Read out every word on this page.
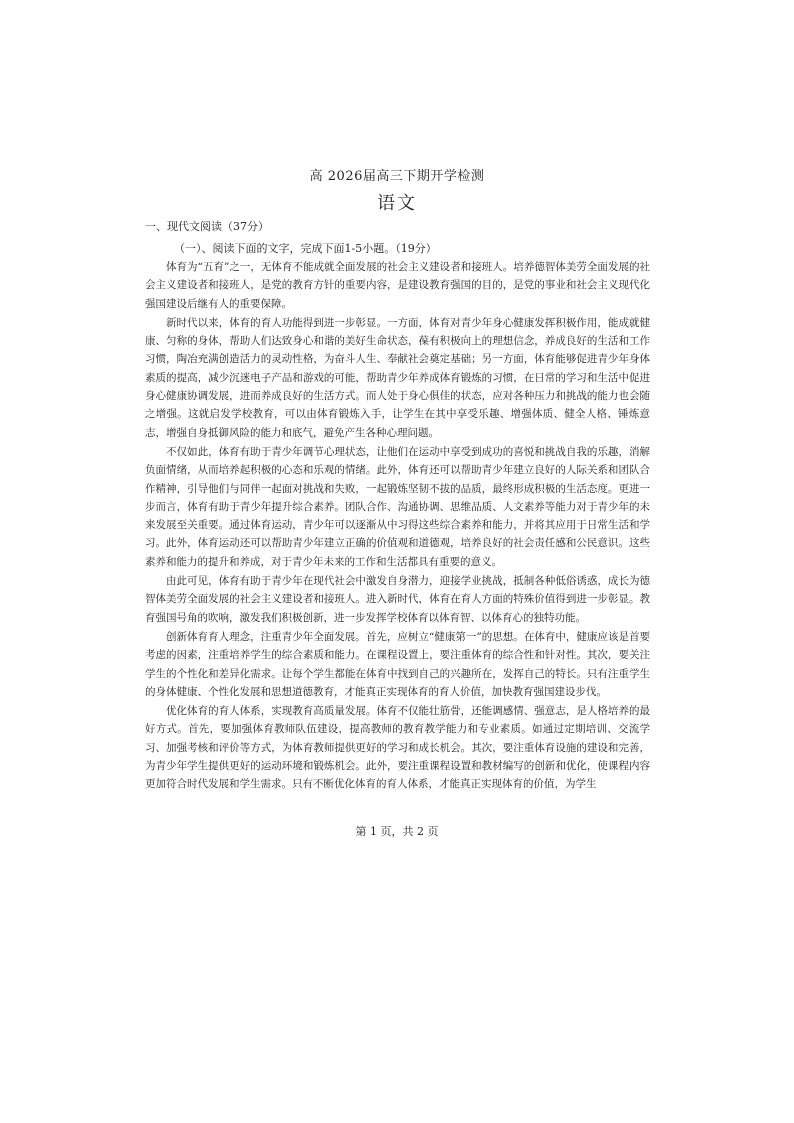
高 2026届高三下期开学检测
语文
一、现代文阅读（37分）
（一）、阅读下面的文字，完成下面1-5小题。（19分）

体育为“五育”之一，无体育不能成就全面发展的社会主义建设者和接班人。培养德智体美劳全面发展的社会主义建设者和接班人，是党的教育方针的重要内容，是建设教育强国的目的，是党的事业和社会主义现代化强国建设后继有人的重要保障。

新时代以来，体育的育人功能得到进一步彰显。一方面，体育对青少年身心健康发挥积极作用，能成就健康、匀称的身体，帮助人们达致身心和谐的美好生命状态，葆有积极向上的理想信念，养成良好的生活和工作习惯，陶冶充满创造活力的灵动性格，为奋斗人生、奉献社会奠定基础；另一方面，体育能够促进青少年身体素质的提高，减少沉迷电子产品和游戏的可能，帮助青少年养成体育锻炼的习惯，在日常的学习和生活中促进身心健康协调发展，进而养成良好的生活方式。而人处于身心俱佳的状态，应对各种压力和挑战的能力也会随之增强。这就启发学校教育，可以由体育锻炼入手，让学生在其中享受乐趣、增强体质、健全人格、锤炼意志，增强自身抵御风险的能力和底气，避免产生各种心理问题。

不仅如此，体育有助于青少年调节心理状态，让他们在运动中享受到成功的喜悦和挑战自我的乐趣，消解负面情绪，从而培养起积极的心态和乐观的情绪。此外，体育还可以帮助青少年建立良好的人际关系和团队合作精神，引导他们与同伴一起面对挑战和失败，一起锻炼坚韧不拔的品质，最终形成积极的生活态度。更进一步而言，体育有助于青少年提升综合素养。团队合作、沟通协调、思维品质、人文素养等能力对于青少年的未来发展至关重要。通过体育运动，青少年可以逐渐从中习得这些综合素养和能力，并将其应用于日常生活和学习。此外，体育运动还可以帮助青少年建立正确的价值观和道德观，培养良好的社会责任感和公民意识。这些素养和能力的提升和养成，对于青少年未来的工作和生活都具有重要的意义。

由此可见，体育有助于青少年在现代社会中激发自身潜力，迎接学业挑战，抵制各种低俗诱惑，成长为德智体美劳全面发展的社会主义建设者和接班人。进入新时代，体育在育人方面的特殊价值得到进一步彰显。教育强国号角的吹响，激发我们积极创新，进一步发挥学校体育以体育智、以体育心的独特功能。

创新体育育人理念，注重青少年全面发展。首先，应树立“健康第一”的思想。在体育中，健康应该是首要考虑的因素，注重培养学生的综合素质和能力。在课程设置上，要注重体育的综合性和针对性。其次，要关注学生的个性化和差异化需求。让每个学生都能在体育中找到自己的兴趣所在，发挥自己的特长。只有注重学生的身体健康、个性化发展和思想道德教育，才能真正实现体育的育人价值，加快教育强国建设步伐。

优化体育的育人体系，实现教育高质量发展。体育不仅能壮筋骨，还能调感情、强意志，是人格培养的最好方式。首先，要加强体育教师队伍建设，提高教师的教育教学能力和专业素质。如通过定期培训、交流学习、加强考核和评价等方式，为体育教师提供更好的学习和成长机会。其次，要注重体育设施的建设和完善，为青少年学生提供更好的运动环境和锻炼机会。此外，要注重课程设置和教材编写的创新和优化，使课程内容更加符合时代发展和学生需求。只有不断优化体育的育人体系，才能真正实现体育的价值，为学生

第 1 页，共 2 页
